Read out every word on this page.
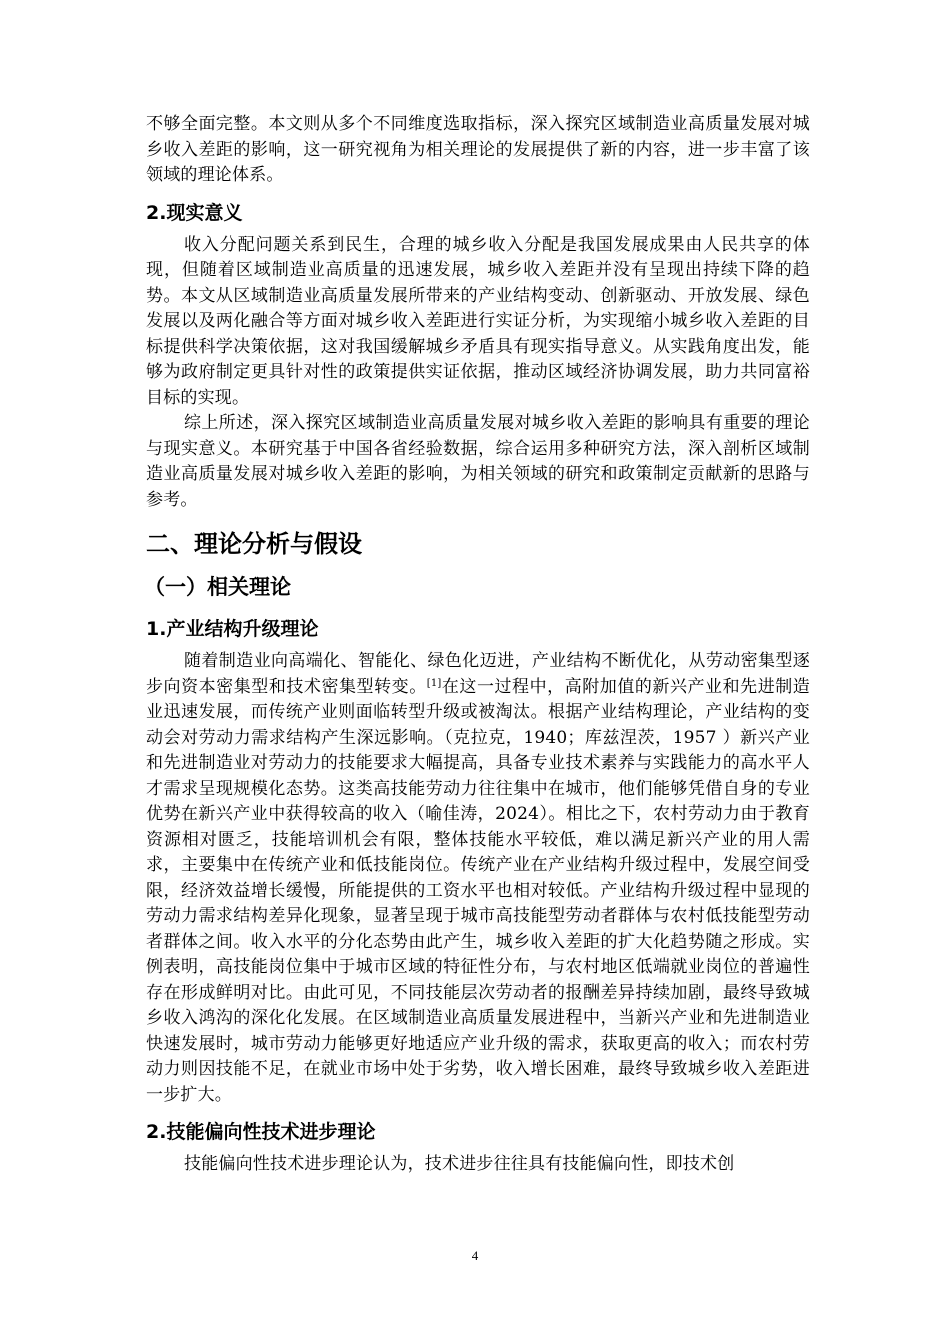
不够全面完整。本文则从多个不同维度选取指标，深入探究区域制造业高质量发展对城乡收入差距的影响，这一研究视角为相关理论的发展提供了新的内容，进一步丰富了该领域的理论体系。

2.现实意义

收入分配问题关系到民生，合理的城乡收入分配是我国发展成果由人民共享的体现，但随着区域制造业高质量的迅速发展，城乡收入差距并没有呈现出持续下降的趋势。本文从区域制造业高质量发展所带来的产业结构变动、创新驱动、开放发展、绿色发展以及两化融合等方面对城乡收入差距进行实证分析，为实现缩小城乡收入差距的目标提供科学决策依据，这对我国缓解城乡矛盾具有现实指导意义。从实践角度出发，能够为政府制定更具针对性的政策提供实证依据，推动区域经济协调发展，助力共同富裕目标的实现。

综上所述，深入探究区域制造业高质量发展对城乡收入差距的影响具有重要的理论与现实意义。本研究基于中国各省经验数据，综合运用多种研究方法，深入剖析区域制造业高质量发展对城乡收入差距的影响，为相关领域的研究和政策制定贡献新的思路与参考。

二、理论分析与假设
（一）相关理论
1.产业结构升级理论

随着制造业向高端化、智能化、绿色化迈进，产业结构不断优化，从劳动密集型逐步向资本密集型和技术密集型转变。[1]在这一过程中，高附加值的新兴产业和先进制造业迅速发展，而传统产业则面临转型升级或被淘汰。根据产业结构理论，产业结构的变动会对劳动力需求结构产生深远影响。（克拉克，1940；库兹涅茨，1957 ）新兴产业和先进制造业对劳动力的技能要求大幅提高，具备专业技术素养与实践能力的高水平人才需求呈现规模化态势。这类高技能劳动力往往集中在城市，他们能够凭借自身的专业优势在新兴产业中获得较高的收入（喻佳涛，2024）。相比之下，农村劳动力由于教育资源相对匮乏，技能培训机会有限，整体技能水平较低，难以满足新兴产业的用人需求，主要集中在传统产业和低技能岗位。传统产业在产业结构升级过程中，发展空间受限，经济效益增长缓慢，所能提供的工资水平也相对较低。产业结构升级过程中显现的劳动力需求结构差异化现象，显著呈现于城市高技能型劳动者群体与农村低技能型劳动者群体之间。收入水平的分化态势由此产生，城乡收入差距的扩大化趋势随之形成。实例表明，高技能岗位集中于城市区域的特征性分布，与农村地区低端就业岗位的普遍性存在形成鲜明对比。由此可见，不同技能层次劳动者的报酬差异持续加剧，最终导致城乡收入鸿沟的深化化发展。在区域制造业高质量发展进程中，当新兴产业和先进制造业快速发展时，城市劳动力能够更好地适应产业升级的需求，获取更高的收入；而农村劳动力则因技能不足，在就业市场中处于劣势，收入增长困难，最终导致城乡收入差距进一步扩大。

2.技能偏向性技术进步理论

技能偏向性技术进步理论认为，技术进步往往具有技能偏向性，即技术创

4
